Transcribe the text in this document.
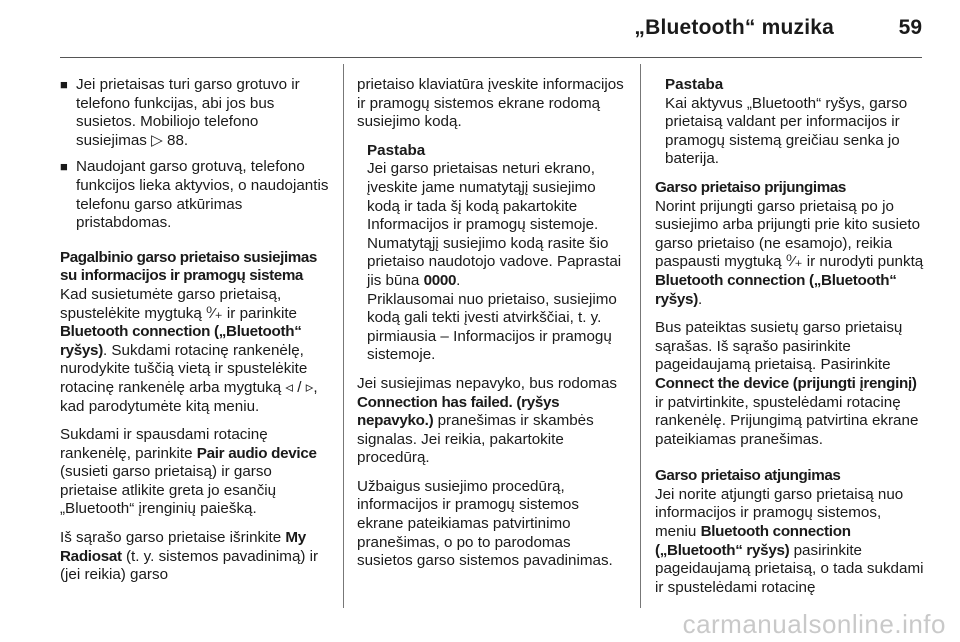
„Bluetooth“ muzika	59
■ Jei prietaisas turi garso grotuvo ir telefono funkcijas, abi jos bus susietos. Mobiliojo telefono susiejimas ▷ 88.
■ Naudojant garso grotuvą, telefono funkcijos lieka aktyvios, o naudojantis telefonu garso atkūrimas pristabdomas.

Pagalbinio garso prietaiso susiejimas su informacijos ir pramogų sistema

Kad susietumėte garso prietaisą, spustelėkite mygtuką ⁰⁄₊ ir parinkite Bluetooth connection („Bluetooth“ ryšys). Sukdami rotacinę rankenėlę, nurodykite tuščią vietą ir spustelėkite rotacinę rankenėlę arba mygtuką ◃ / ▹, kad parodytumėte kitą meniu.

Sukdami ir spausdami rotacinę rankenėlę, parinkite Pair audio device (susieti garso prietaisą) ir garso prietaise atlikite greta jo esančių „Bluetooth“ įrenginių paiešką.

Iš sąrašo garso prietaise išrinkite My Radiosat (t. y. sistemos pavadinimą) ir (jei reikia) garso

prietaiso klaviatūra įveskite informacijos ir pramogų sistemos ekrane rodomą susiejimo kodą.

Pastaba
Jei garso prietaisas neturi ekrano, įveskite jame numatytąjį susiejimo kodą ir tada šį kodą pakartokite Informacijos ir pramogų sistemoje. Numatytąjį susiejimo kodą rasite šio prietaiso naudotojo vadove. Paprastai jis būna 0000.
Priklausomai nuo prietaiso, susiejimo kodą gali tekti įvesti atvirkščiai, t. y. pirmiausia – Informacijos ir pramogų sistemoje.

Jei susiejimas nepavyko, bus rodomas Connection has failed. (ryšys nepavyko.) pranešimas ir skambės signalas. Jei reikia, pakartokite procedūrą.

Užbaigus susiejimo procedūrą, informacijos ir pramogų sistemos ekrane pateikiamas patvirtinimo pranešimas, o po to parodomas susietos garso sistemos pavadinimas.

Pastaba
Kai aktyvus „Bluetooth“ ryšys, garso prietaisą valdant per informacijos ir pramogų sistemą greičiau senka jo baterija.

Garso prietaiso prijungimas

Norint prijungti garso prietaisą po jo susiejimo arba prijungti prie kito susieto garso prietaiso (ne esamojo), reikia paspausti mygtuką ⁰⁄₊ ir nurodyti punktą Bluetooth connection („Bluetooth“ ryšys).

Bus pateiktas susietų garso prietaisų sąrašas. Iš sąrašo pasirinkite pageidaujamą prietaisą. Pasirinkite Connect the device (prijungti įrenginį) ir patvirtinkite, spustelėdami rotacinę rankenėlę. Prijungimą patvirtina ekrane pateikiamas pranešimas.

Garso prietaiso atjungimas

Jei norite atjungti garso prietaisą nuo informacijos ir pramogų sistemos, meniu Bluetooth connection („Bluetooth“ ryšys) pasirinkite pageidaujamą prietaisą, o tada sukdami ir spustelėdami rotacinę

carmanualsonline.info
